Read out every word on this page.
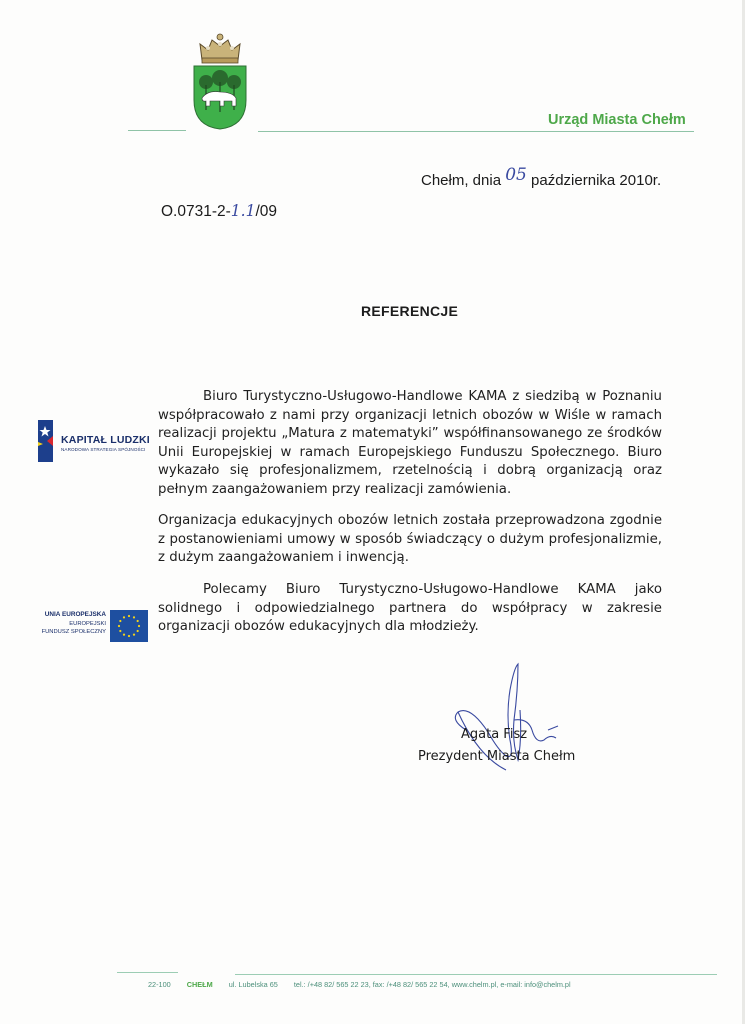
Urząd Miasta Chełm
Chełm, dnia 05 października 2010r.
O.0731-2-1.1/09
REFERENCJE
Biuro Turystyczno-Usługowo-Handlowe KAMA z siedzibą w Poznaniu współpracowało z nami przy organizacji letnich obozów w Wiśle w ramach realizacji projektu „Matura z matematyki” współfinansowanego ze środków Unii Europejskiej w ramach Europejskiego Funduszu Społecznego. Biuro wykazało się profesjonalizmem, rzetelnością i dobrą organizacją oraz pełnym zaangażowaniem przy realizacji zamówienia.
Organizacja edukacyjnych obozów letnich została przeprowadzona zgodnie z postanowieniami umowy w sposób świadczący o dużym profesjonalizmie, z dużym zaangażowaniem i inwencją.
Polecamy Biuro Turystyczno-Usługowo-Handlowe KAMA jako solidnego i odpowiedzialnego partnera do współpracy w zakresie organizacji obozów edukacyjnych dla młodzieży.
KAPITAŁ LUDZKI
NARODOWA STRATEGIA SPÓJNOŚCI
UNIA EUROPEJSKA
EUROPEJSKI
FUNDUSZ SPOŁECZNY
Agata Fisz
Prezydent Miasta Chełm
22-100 CHEŁM ul. Lubelska 65 tel.: /+48 82/ 565 22 23, fax: /+48 82/ 565 22 54, www.chelm.pl, e-mail: info@chelm.pl
